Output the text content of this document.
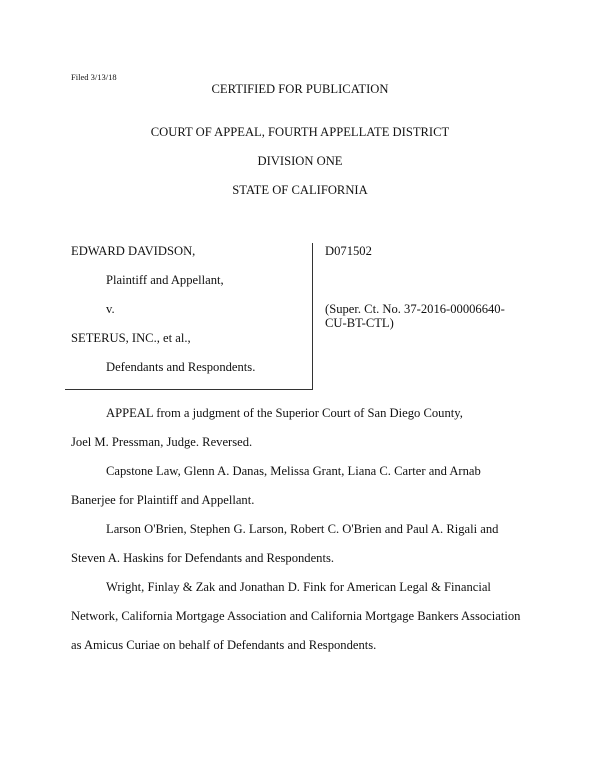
Filed 3/13/18
CERTIFIED FOR PUBLICATION
COURT OF APPEAL, FOURTH APPELLATE DISTRICT
DIVISION ONE
STATE OF CALIFORNIA
EDWARD DAVIDSON,
Plaintiff and Appellant,
v.
SETERUS, INC., et al.,
Defendants and Respondents.
D071502
(Super. Ct. No. 37-2016-00006640-
CU-BT-CTL)
APPEAL from a judgment of the Superior Court of San Diego County,
Joel M. Pressman, Judge. Reversed.
Capstone Law, Glenn A. Danas, Melissa Grant, Liana C. Carter and Arnab
Banerjee for Plaintiff and Appellant.
Larson O'Brien, Stephen G. Larson, Robert C. O'Brien and Paul A. Rigali and
Steven A. Haskins for Defendants and Respondents.
Wright, Finlay & Zak and Jonathan D. Fink for American Legal & Financial
Network, California Mortgage Association and California Mortgage Bankers Association
as Amicus Curiae on behalf of Defendants and Respondents.
